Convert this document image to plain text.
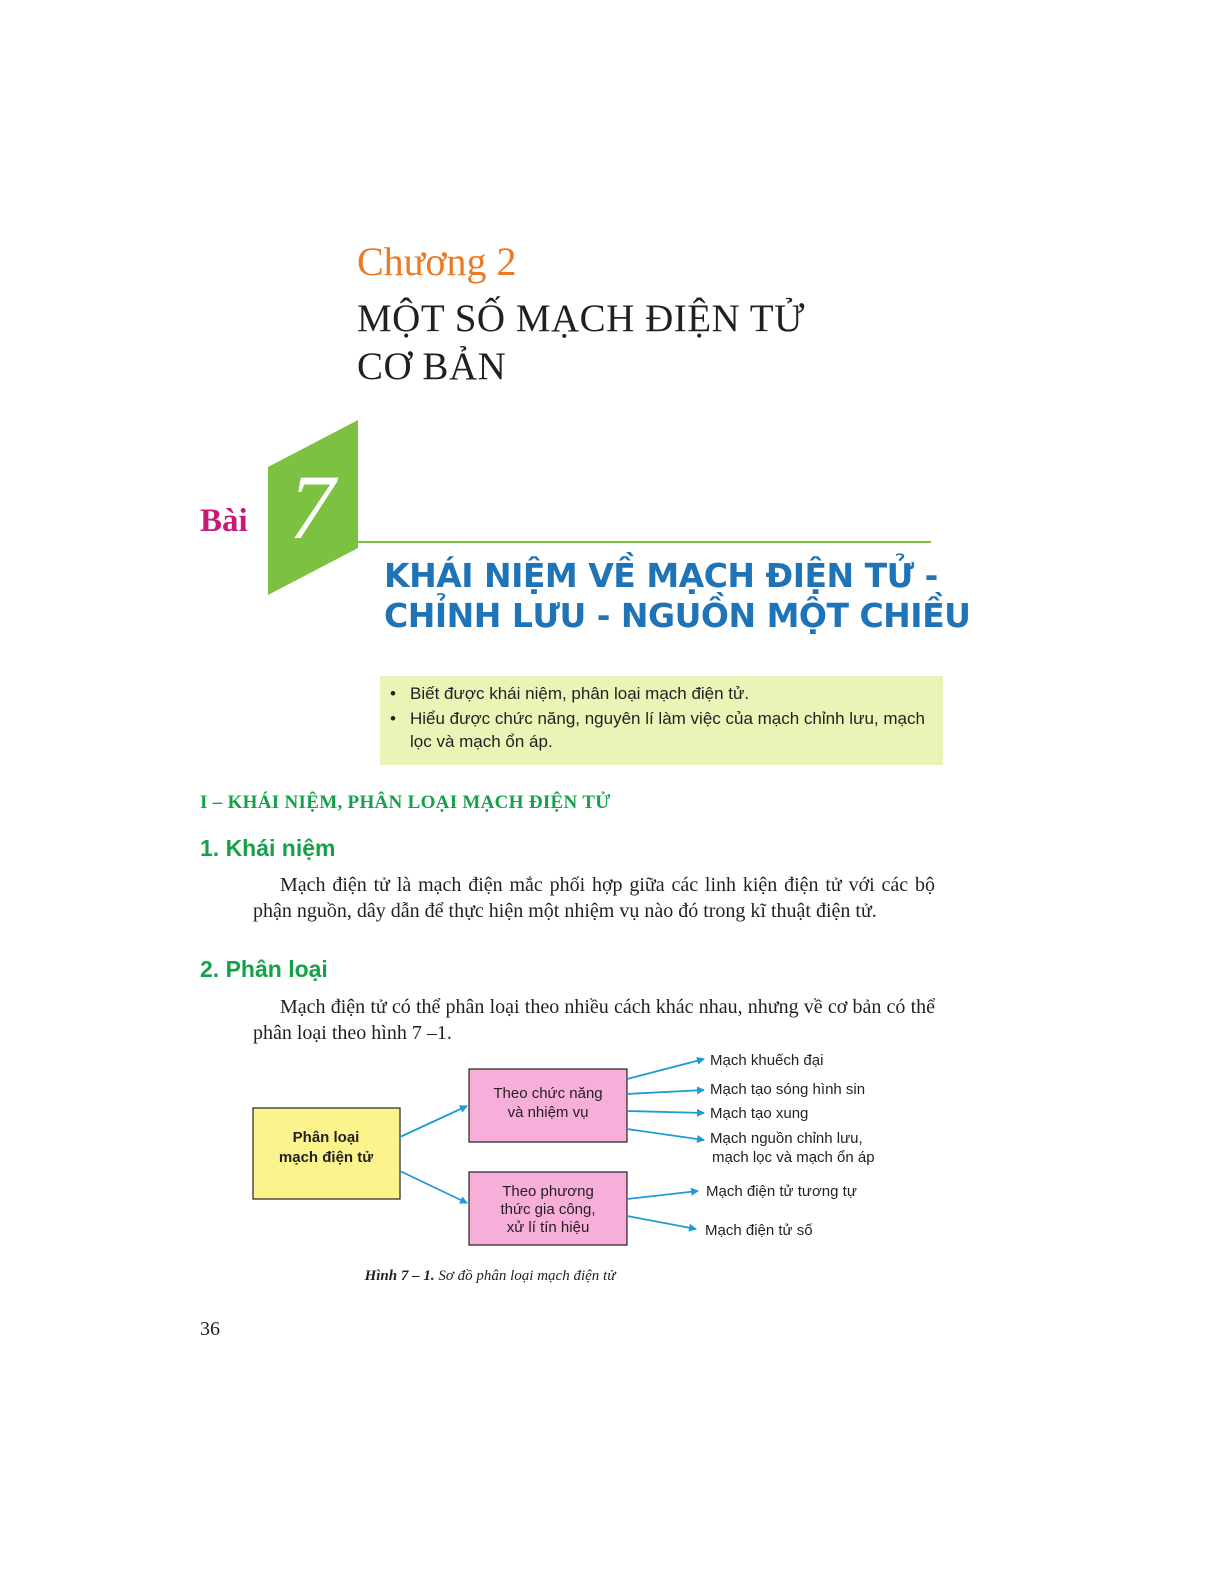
Chương 2
MỘT SỐ MẠCH ĐIỆN TỬ
CƠ BẢN
Bài 7
KHÁI NIỆM VỀ MẠCH ĐIỆN TỬ -
CHỈNH LƯU - NGUỒN MỘT CHIỀU
• Biết được khái niệm, phân loại mạch điện tử.
• Hiểu được chức năng, nguyên lí làm việc của mạch chỉnh lưu, mạch lọc và mạch ổn áp.
I – KHÁI NIỆM, PHÂN LOẠI MẠCH ĐIỆN TỬ
1. Khái niệm

Mạch điện tử là mạch điện mắc phối hợp giữa các linh kiện điện tử với các bộ phận nguồn, dây dẫn để thực hiện một nhiệm vụ nào đó trong kĩ thuật điện tử.

2. Phân loại

Mạch điện tử có thể phân loại theo nhiều cách khác nhau, nhưng về cơ bản có thể phân loại theo hình 7 –1.

Phân loại
mạch điện tử
Theo chức năng
và nhiệm vụ
Theo phương
thức gia công,
xử lí tín hiệu
Mạch khuếch đại
Mạch tạo sóng hình sin
Mạch tạo xung
Mạch nguồn chỉnh lưu,
mạch lọc và mạch ổn áp
Mạch điện tử tương tự
Mạch điện tử số
Hình 7 – 1. Sơ đồ phân loại mạch điện tử
36
